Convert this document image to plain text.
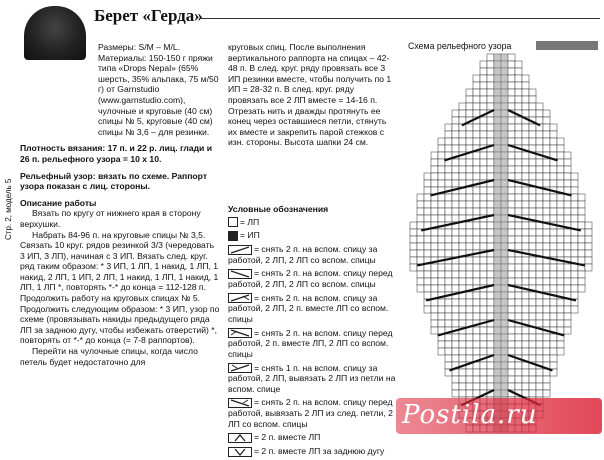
Стр. 2, модель 5
Берет «Герда»

Размеры: S/M – M/L.

Материалы: 150-150 г пряжи типа «Drops Nepal» (65% шерсть, 35% альпака, 75 м/50 г) от Garnstudio (www.garnstudio.com), чулочные и круговые (40 см) спицы № 5, круговые (40 см) спицы № 3,6 – для резинки.

Плотность вязания: 17 п. и 22 р. лиц. глади и 26 п. рельефного узора = 10 х 10.

Рельефный узор: вязать по схеме. Раппорт узора показан с лиц. стороны.

Описание работы

Вязать по кругу от нижнего края в сторону верхушки.

Набрать 84-96 п. на круговые спицы № 3,5. Связать 10 круг. рядов резинкой 3/3 (чередовать 3 ИП, 3 ЛП), начиная с 3 ИП. Вязать след. круг. ряд таким образом: * 3 ИП, 1 ЛП, 1 накид, 1 ЛП, 1 накид, 2 ЛП, 1 ИП, 2 ЛП, 1 накид, 1 ЛП, 1 накид, 1 ЛП, 1 ЛП *, повторять *-* до конца = 112-128 п. Продолжить работу на круговых спицах № 5. Продолжить следующим образом: * 3 ИП, узор по схеме (провязывать накиды предыдущего ряда ЛП за заднюю дугу, чтобы избежать отверстий) *, повторять от *-* до конца (= 7-8 раппортов).

Перейти на чулочные спицы, когда число петель будет недостаточно для

круговых спиц. После выполнения вертикального раппорта на спицах – 42-48 п. В след. круг. ряду провязать все 3 ИП резинки вместе, чтобы получить по 1 ИП = 28-32 п. В след. круг. ряду провязать все 2 ЛП вместе = 14-16 п. Отрезать нить и дважды протянуть ее конец через оставшиеся петли, стянуть их вместе и закрепить парой стежков с изн. стороны. Высота шапки 24 см.

Условные обозначения
= ЛП
= ИП
= снять 2 п. на вспом. спицу за работой, 2 ЛП, 2 ЛП со вспом. спицы
= снять 2 п. на вспом. спицу перед работой, 2 ЛП, 2 ЛП со вспом. спицы
= снять 2 п. на вспом. спицу за работой, 2 ЛП, 2 п. вместе ЛП со вспом. спицы
= снять 2 п. на вспом. спицу перед работой, 2 п. вместе ЛП, 2 ЛП со вспом. спицы
= снять 1 п. на вспом. спицу за работой, 2 ЛП, вывязать 2 ЛП из петли на вспом. спице
= снять 2 п. на вспом. спицу перед работой, вывязать 2 ЛП из след. петли, 2 ЛП со вспом. спицы
= 2 п. вместе ЛП
= 2 п. вместе ЛП за заднюю дугу
Схема рельефного узора
Postila.ru
